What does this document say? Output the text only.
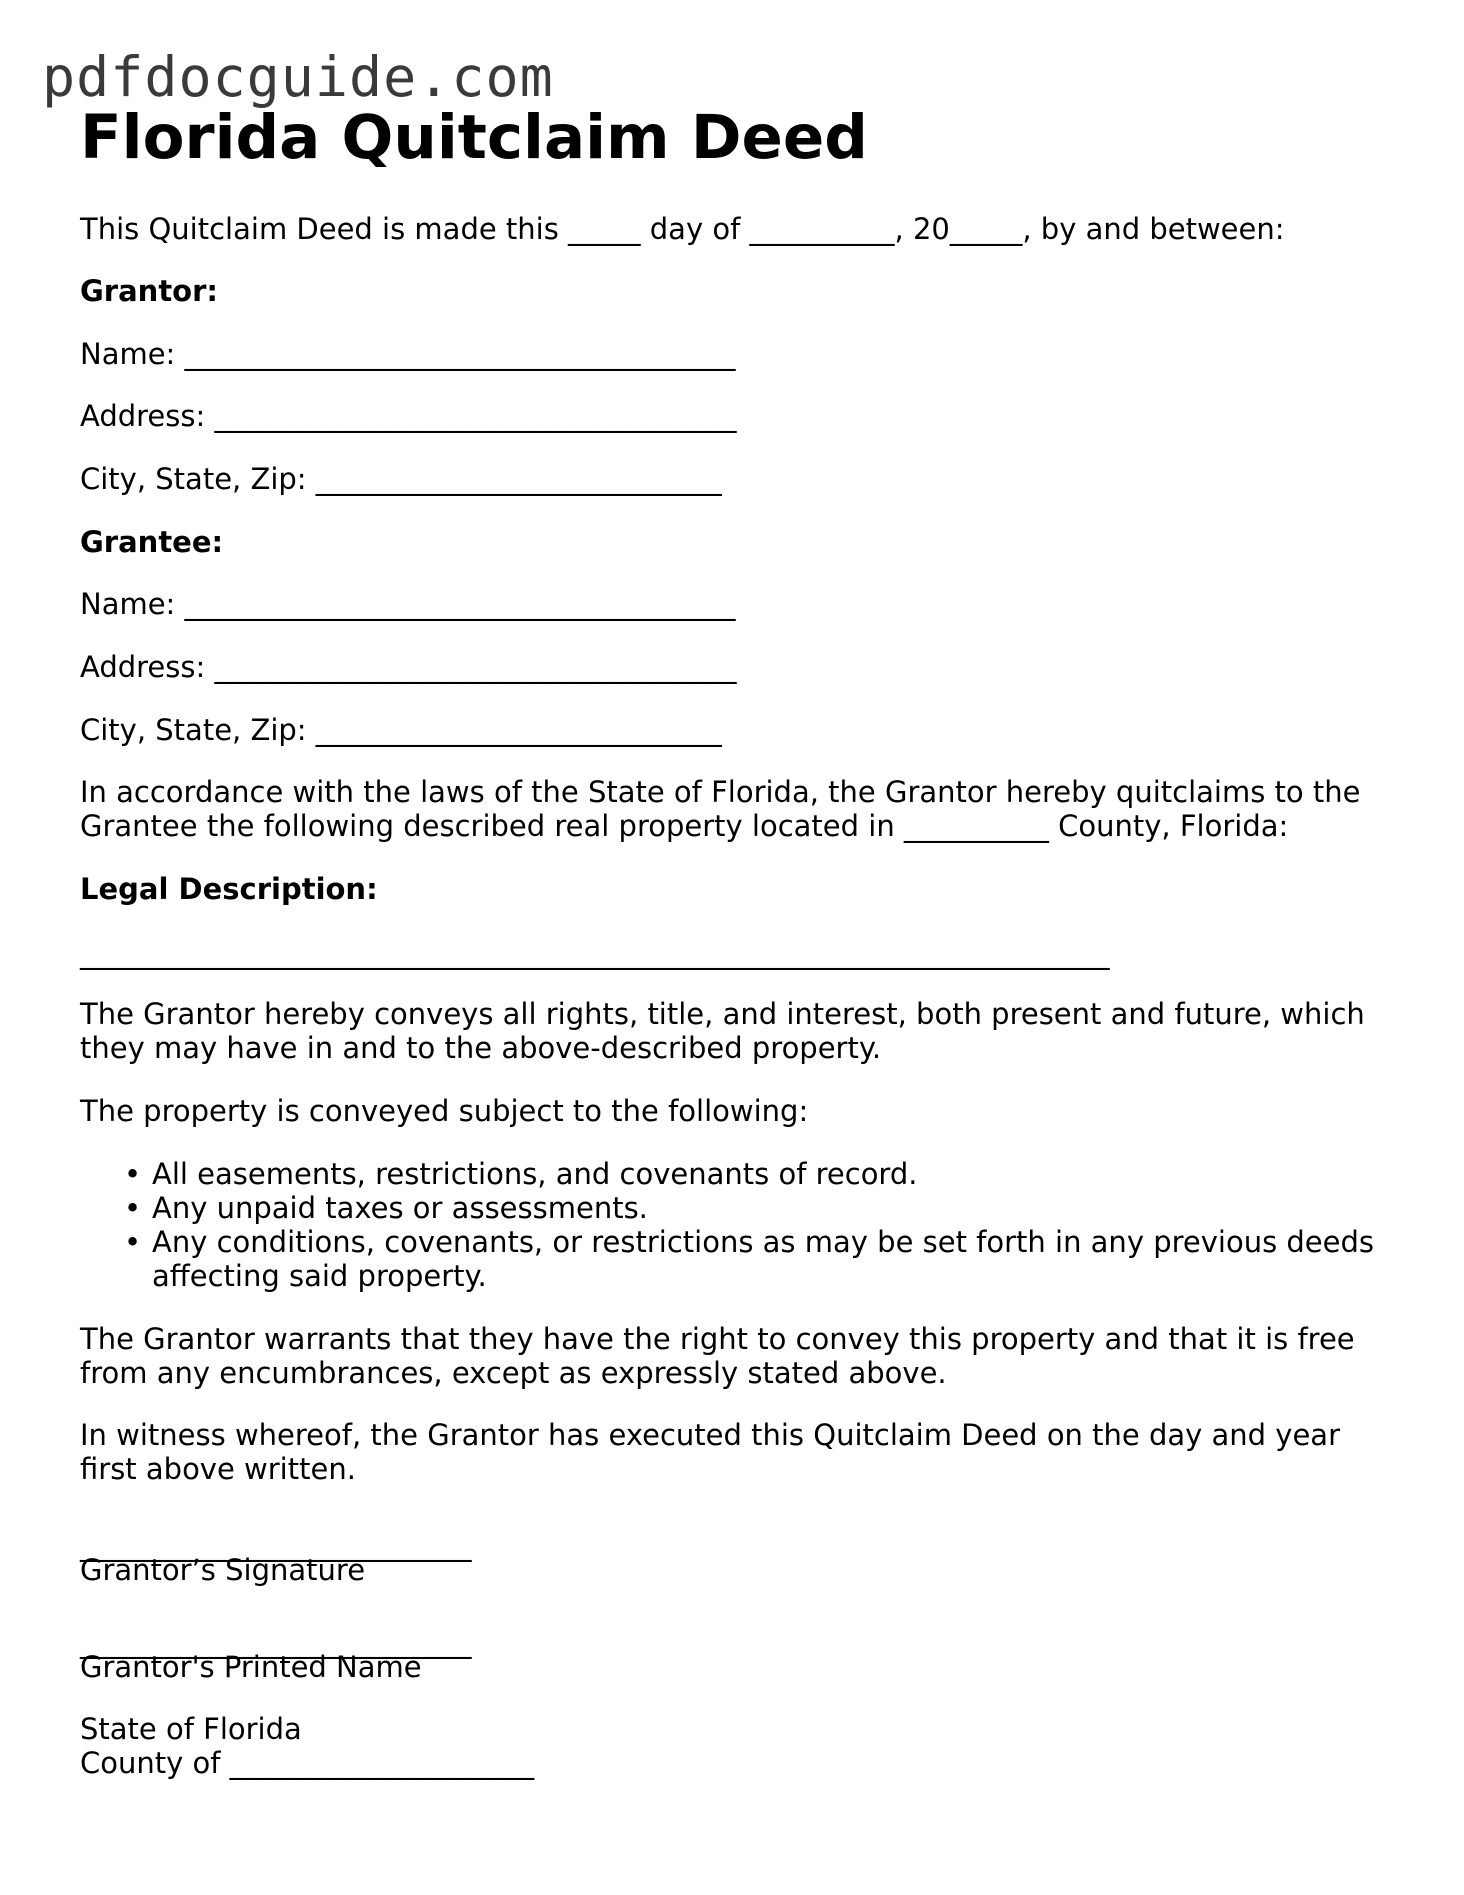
pdfdocguide.com
Florida Quitclaim Deed
This Quitclaim Deed is made this _____ day of __________, 20_____, by and between:
Grantor:
Name: ______________________________________
Address: ____________________________________
City, State, Zip: ____________________________
Grantee:
Name: ______________________________________
Address: ____________________________________
City, State, Zip: ____________________________
In accordance with the laws of the State of Florida, the Grantor hereby quitclaims to the
Grantee the following described real property located in __________ County, Florida:
Legal Description:
_______________________________________________________________________
The Grantor hereby conveys all rights, title, and interest, both present and future, which
they may have in and to the above-described property.
The property is conveyed subject to the following:
• All easements, restrictions, and covenants of record.
• Any unpaid taxes or assessments.
• Any conditions, covenants, or restrictions as may be set forth in any previous deeds
affecting said property.
The Grantor warrants that they have the right to convey this property and that it is free
from any encumbrances, except as expressly stated above.
In witness whereof, the Grantor has executed this Quitclaim Deed on the day and year
first above written.
___________________________
Grantor’s Signature
___________________________
Grantor's Printed Name
State of Florida
County of _____________________
